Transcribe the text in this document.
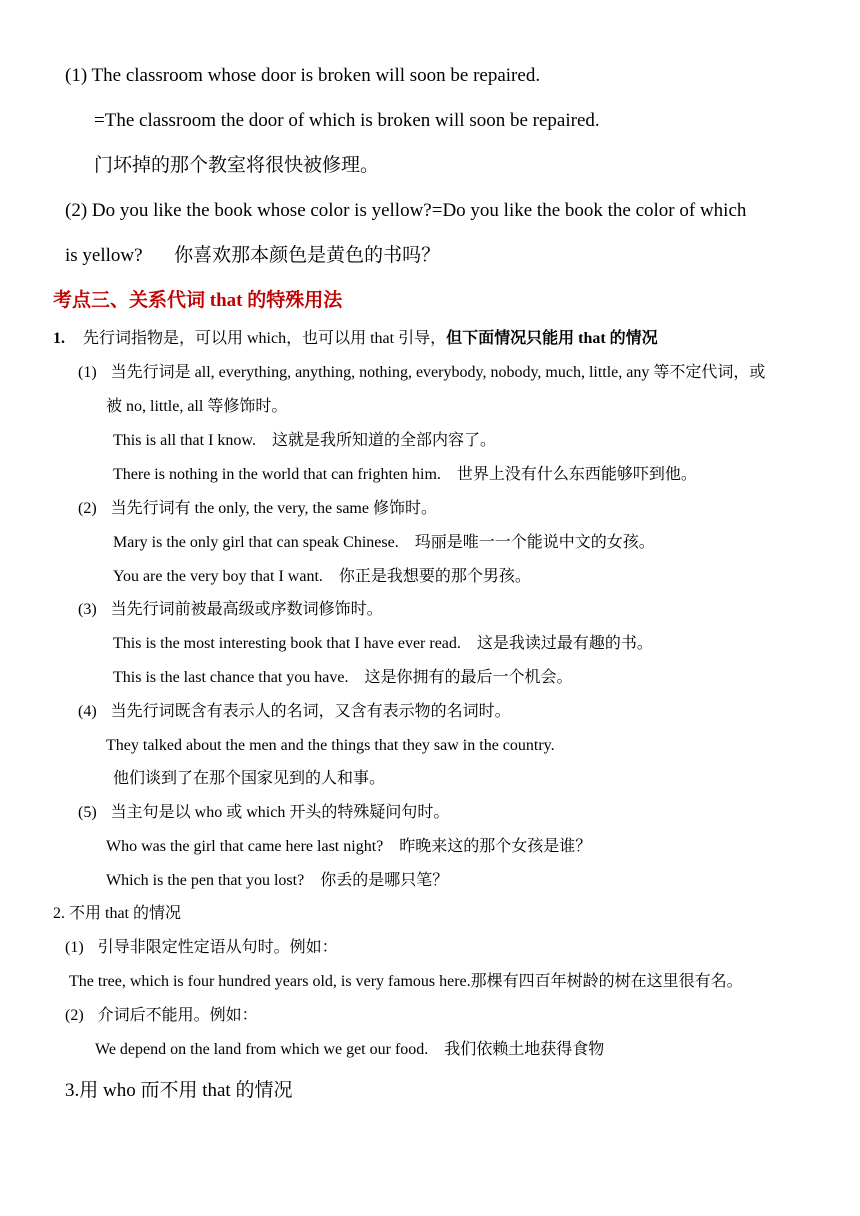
(1) The classroom whose door is broken will soon be repaired.
=The classroom the door of which is broken will soon be repaired.
门坏掉的那个教室将很快被修理。
(2) Do you like the book whose color is yellow?=Do you like the book the color of which
is yellow? 你喜欢那本颜色是黄色的书吗？
考点三、关系代词 that 的特殊用法
1. 先行词指物是，可以用 which，也可以用 that 引导，但下面情况只能用 that 的情况
(1) 当先行词是 all, everything, anything, nothing, everybody, nobody, much, little, any 等不定代词，或
被 no, little, all 等修饰时。
This is all that I know. 这就是我所知道的全部内容了。
There is nothing in the world that can frighten him. 世界上没有什么东西能够吓到他。
(2) 当先行词有 the only, the very, the same 修饰时。
Mary is the only girl that can speak Chinese. 玛丽是唯一一个能说中文的女孩。
You are the very boy that I want. 你正是我想要的那个男孩。
(3) 当先行词前被最高级或序数词修饰时。
This is the most interesting book that I have ever read. 这是我读过最有趣的书。
This is the last chance that you have. 这是你拥有的最后一个机会。
(4) 当先行词既含有表示人的名词，又含有表示物的名词时。
They talked about the men and the things that they saw in the country.
他们谈到了在那个国家见到的人和事。
(5) 当主句是以 who 或 which 开头的特殊疑问句时。
Who was the girl that came here last night? 昨晚来这的那个女孩是谁？
Which is the pen that you lost? 你丢的是哪只笔？
2. 不用 that 的情况
(1) 引导非限定性定语从句时。例如：
The tree, which is four hundred years old, is very famous here.那棵有四百年树龄的树在这里很有名。
(2) 介词后不能用。例如：
We depend on the land from which we get our food. 我们依赖土地获得食物
3.用 who 而不用 that 的情况
